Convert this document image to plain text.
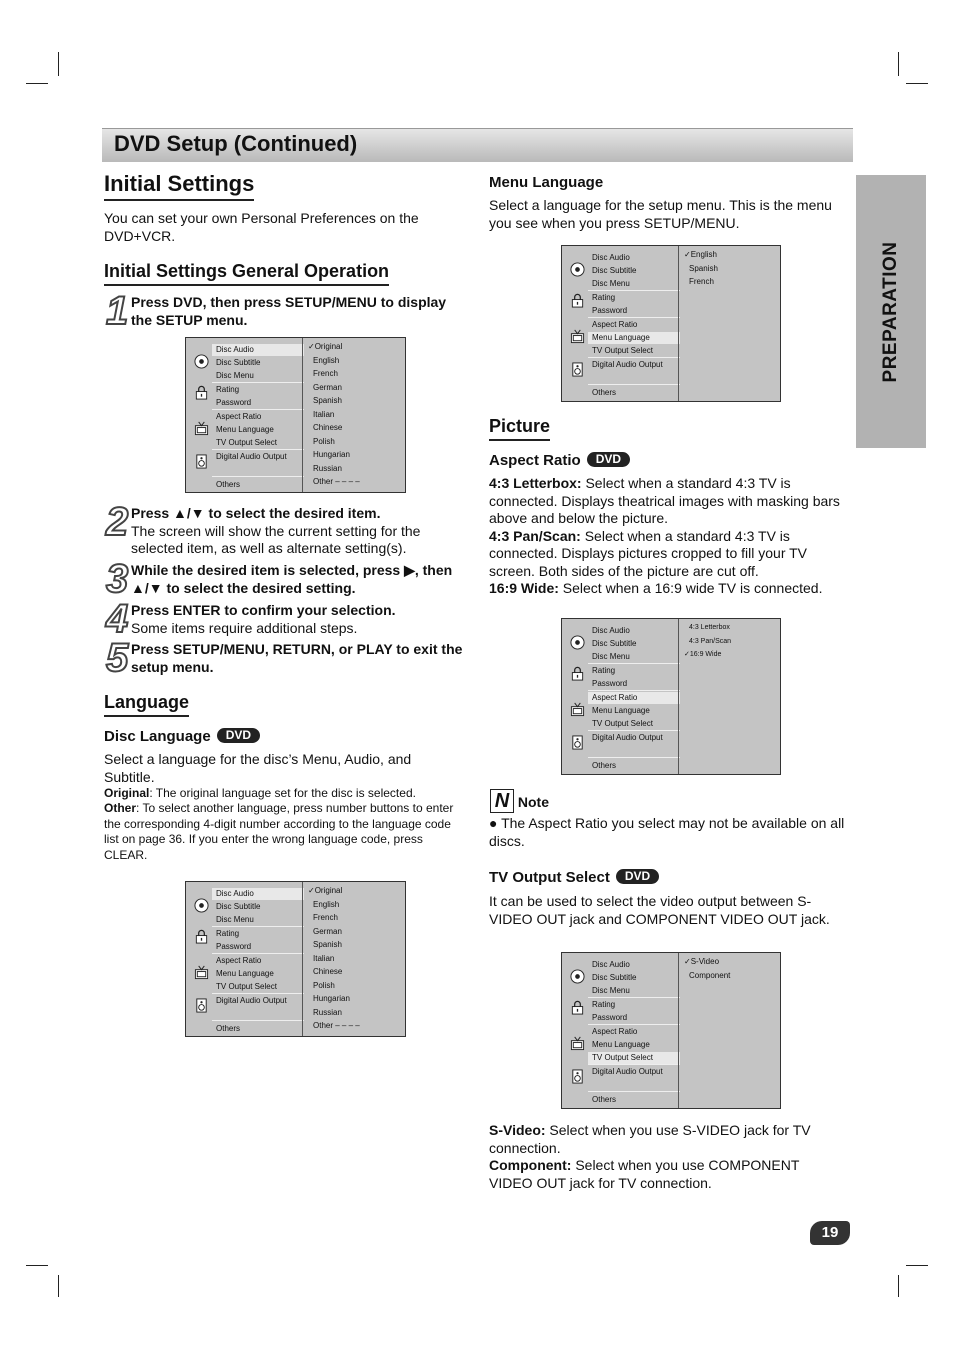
DVD Setup (Continued)
PREPARATION
Initial Settings
You can set your own Personal Preferences on the DVD+VCR.
Initial Settings General Operation
1 Press DVD, then press SETUP/MENU to display the SETUP menu.
Disc Audio
Disc Subtitle
Disc Menu
Rating
Password
Aspect Ratio
Menu Language
TV Output Select
Digital Audio Output
Others
✓Original
English
French
German
Spanish
Italian
Chinese
Polish
Hungarian
Russian
Other – – – –
2 Press ▲/▼ to select the desired item.
The screen will show the current setting for the selected item, as well as alternate setting(s).
3 While the desired item is selected, press ▶, then ▲/▼ to select the desired setting.
4 Press ENTER to confirm your selection.
Some items require additional steps.
5 Press SETUP/MENU, RETURN, or PLAY to exit the setup menu.
Language
Disc Language DVD
Select a language for the disc’s Menu, Audio, and Subtitle.
Original: The original language set for the disc is selected.
Other: To select another language, press number buttons to enter the corresponding 4-digit number according to the language code list on page 36. If you enter the wrong language code, press CLEAR.
Disc Audio
Disc Subtitle
Disc Menu
Rating
Password
Aspect Ratio
Menu Language
TV Output Select
Digital Audio Output
Others
✓Original
English
French
German
Spanish
Italian
Chinese
Polish
Hungarian
Russian
Other – – – –
Menu Language
Select a language for the setup menu. This is the menu you see when you press SETUP/MENU.
Disc Audio
Disc Subtitle
Disc Menu
Rating
Password
Aspect Ratio
Menu Language
TV Output Select
Digital Audio Output
Others
✓English
Spanish
French
Picture
Aspect Ratio DVD
4:3 Letterbox: Select when a standard 4:3 TV is connected. Displays theatrical images with masking bars above and below the picture.
4:3 Pan/Scan: Select when a standard 4:3 TV is connected. Displays pictures cropped to fill your TV screen. Both sides of the picture are cut off.
16:9 Wide: Select when a 16:9 wide TV is connected.
Disc Audio
Disc Subtitle
Disc Menu
Rating
Password
Aspect Ratio
Menu Language
TV Output Select
Digital Audio Output
Others
4:3 Letterbox
4:3 Pan/Scan
✓16:9 Wide
N Note
● The Aspect Ratio you select may not be available on all discs.
TV Output Select DVD
It can be used to select the video output between S-VIDEO OUT jack and COMPONENT VIDEO OUT jack.
Disc Audio
Disc Subtitle
Disc Menu
Rating
Password
Aspect Ratio
Menu Language
TV Output Select
Digital Audio Output
Others
✓S-Video
Component
S-Video: Select when you use S-VIDEO jack for TV connection.
Component: Select when you use COMPONENT VIDEO OUT jack for TV connection.
19
